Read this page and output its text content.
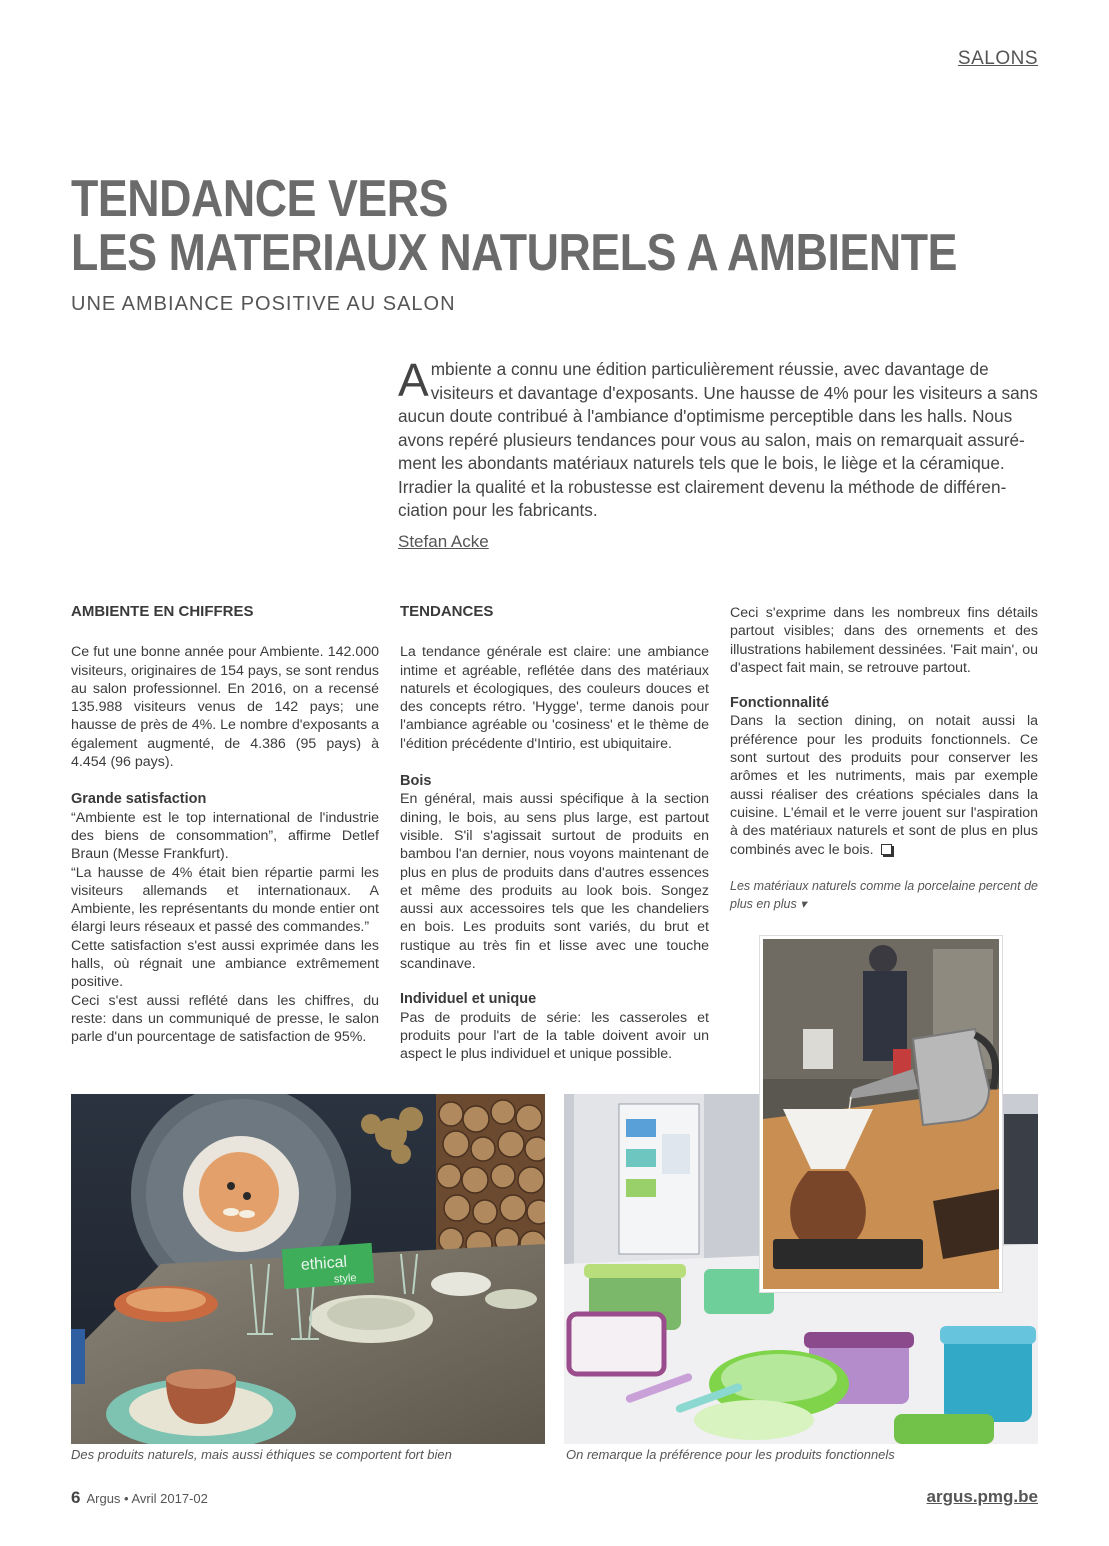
SALONS
TENDANCE VERS
LES MATERIAUX NATURELS A AMBIENTE
UNE AMBIANCE POSITIVE AU SALON
Ambiente a connu une édition particulièrement réussie, avec davantage de visiteurs et davantage d'exposants. Une hausse de 4% pour les visiteurs a sans aucun doute contribué à l'ambiance d'optimisme perceptible dans les halls. Nous avons repéré plusieurs tendances pour vous au salon, mais on remarquait assurément les abondants matériaux naturels tels que le bois, le liège et la céramique. Irradier la qualité et la robustesse est clairement devenu la méthode de différenciation pour les fabricants.
Stefan Acke
AMBIENTE EN CHIFFRES

Ce fut une bonne année pour Ambiente. 142.000 visiteurs, originaires de 154 pays, se sont rendus au salon professionnel. En 2016, on a recensé 135.988 visiteurs venus de 142 pays; une hausse de près de 4%. Le nombre d'exposants a également augmenté, de 4.386 (95 pays) à 4.454 (96 pays).

Grande satisfaction

“Ambiente est le top international de l'industrie des biens de consommation”, affirme Detlef Braun (Messe Frankfurt).

“La hausse de 4% était bien répartie parmi les visiteurs allemands et internationaux. A Ambiente, les représentants du monde entier ont élargi leurs réseaux et passé des commandes.”

Cette satisfaction s'est aussi exprimée dans les halls, où régnait une ambiance extrêmement positive.

Ceci s'est aussi reflété dans les chiffres, du reste: dans un communiqué de presse, le salon parle d'un pourcentage de satisfaction de 95%.

TENDANCES

La tendance générale est claire: une ambiance intime et agréable, reflétée dans des matériaux naturels et écologiques, des couleurs douces et des concepts rétro. 'Hygge', terme danois pour l'ambiance agréable ou 'cosiness' et le thème de l'édition précédente d'Intirio, est ubiquitaire.

Bois

En général, mais aussi spécifique à la section dining, le bois, au sens plus large, est partout visible. S'il s'agissait surtout de produits en bambou l'an dernier, nous voyons maintenant de plus en plus de produits dans d'autres essences et même des produits au look bois. Songez aussi aux accessoires tels que les chandeliers en bois. Les produits sont variés, du brut et rustique au très fin et lisse avec une touche scandinave.

Individuel et unique

Pas de produits de série: les casseroles et produits pour l'art de la table doivent avoir un aspect le plus individuel et unique possible.

Ceci s'exprime dans les nombreux fins détails partout visibles; dans des ornements et des illustrations habilement dessinées. 'Fait main', ou d'aspect fait main, se retrouve partout.

Fonctionnalité

Dans la section dining, on notait aussi la préférence pour les produits fonctionnels. Ce sont surtout des produits pour conserver les arômes et les nutriments, mais par exemple aussi réaliser des créations spéciales dans la cuisine. L'émail et le verre jouent sur l'aspiration à des matériaux naturels et sont de plus en plus combinés avec le bois.

Les matériaux naturels comme la porcelaine percent de plus en plus ▾
ethical
style
Des produits naturels, mais aussi éthiques se comportent fort bien	On remarque la préférence pour les produits fonctionnels
6 Argus • Avril 2017-02	argus.pmg.be
